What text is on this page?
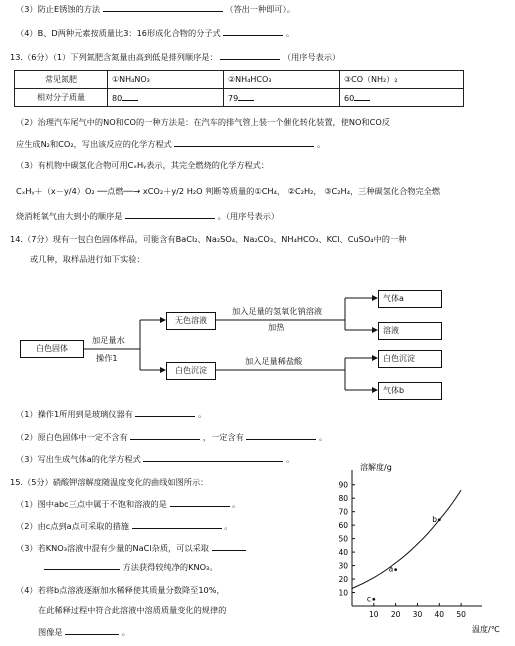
（3）防止E锈蚀的方法	（答出一种即可）。
（4）B、D两种元素按质量比3：16形成化合物的分子式	。
13.（6分）（1）下列氮肥含氮量由高到低是排列顺序是：	（用序号表示）
常见氮肥	①NH₄NO₃	②NH₄HCO₃	③CO（NH₂）₂
相对分子质量	80	79	60
（2）治理汽车尾气中的NO和CO的一种方法是：在汽车的排气管上装一个催化转化装置，使NO和CO反
应生成N₂和CO₂，写出该反应的化学方程式	。
（3）有机物中碳氢化合物可用CₓHᵧ表示，其完全燃烧的化学方程式：
CₓHᵧ＋（x－y/4）O₂ ──点燃──→ xCO₂＋y/2 H₂O 判断等质量的①CH₄， ②C₂H₂， ③C₂H₄，三种碳氢化合物完全燃
烧消耗氧气由大到小的顺序是	。（用序号表示）
14.（7分）现有一包白色固体样品，可能含有BaCl₂、Na₂SO₄、Na₂CO₃、NH₄HCO₃、KCl、CuSO₄中的一种
或几种，取样品进行如下实验：
白色固体
加足量水
操作1
无色溶液
白色沉淀
加入足量的氢氧化钠溶液
加热
加入足量稀盐酸
气体a
溶液
白色沉淀
气体b
（1）操作1所用到是玻璃仪器有	。
（2）原白色固体中一定不含有	，一定含有	。
（3）写出生成气体a的化学方程式	。
15.（5分）硝酸钾溶解度随温度变化的曲线如图所示：
（1）图中abc三点中属于不饱和溶液的是	。
（2）由c点到a点可采取的措施	。
（3）若KNO₃溶液中混有少量的NaCl杂质，可以采取
方法获得较纯净的KNO₃。
（4）若将b点溶液逐渐加水稀释使其质量分数降至10%，
在此稀释过程中符合此溶液中溶质质量变化的规律的
图像是	。
10
20
30
40
50
60
70
80
90
10 20 30 40 50
a
b
c
溶解度/g
温度/℃
